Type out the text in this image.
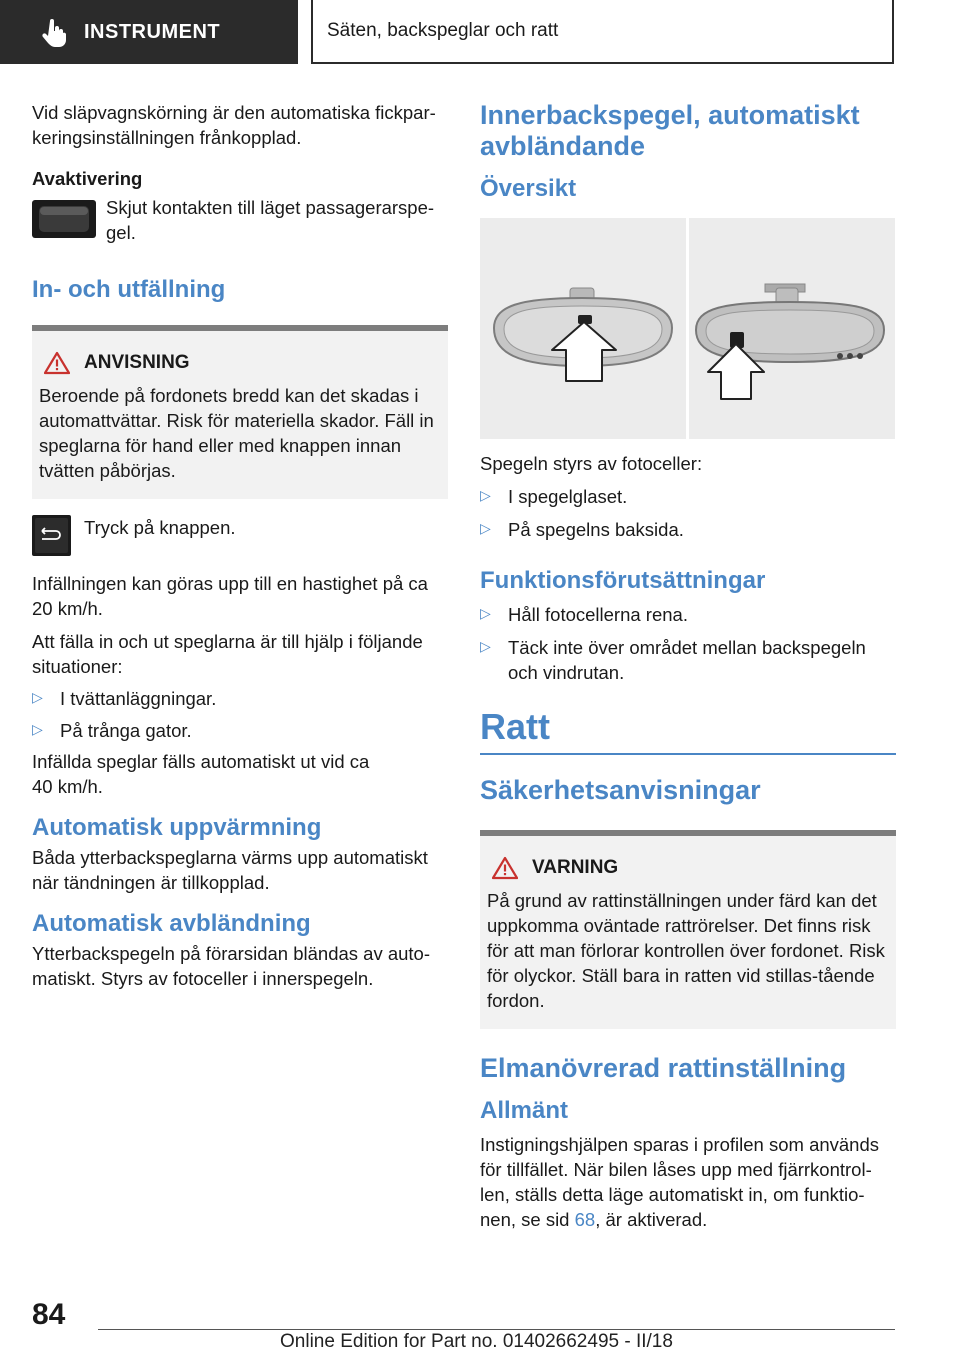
INSTRUMENT	Säten, backspeglar och ratt

Vid släpvagnskörning är den automatiska fickpar-keringsinställningen frånkopplad.

Avaktivering

Skjut kontakten till läget passagerarspe-gel.

In- och utfällning

ANVISNING

Beroende på fordonets bredd kan det skadas i automattvättar. Risk för materiella skador. Fäll in speglarna för hand eller med knappen innan tvätten påbörjas.

Tryck på knappen.

Infällningen kan göras upp till en hastighet på ca 20 km/h.

Att fälla in och ut speglarna är till hjälp i följande situationer:

▷ I tvättanläggningar.

▷ På trånga gator.

Infällda speglar fälls automatiskt ut vid ca 40 km/h.

Automatisk uppvärmning

Båda ytterbackspeglarna värms upp automatiskt när tändningen är tillkopplad.

Automatisk avbländning

Ytterbackspegeln på förarsidan bländas av auto-matiskt. Styrs av fotoceller i innerspegeln.

Innerbackspegel, automatiskt avbländande

Översikt

Spegeln styrs av fotoceller:

▷ I spegelglaset.

▷ På spegelns baksida.

Funktionsförutsättningar

▷ Håll fotocellerna rena.

▷ Täck inte över området mellan backspegeln och vindrutan.

Ratt

Säkerhetsanvisningar

VARNING

På grund av rattinställningen under färd kan det uppkomma oväntade rattrörelser. Det finns risk för att man förlorar kontrollen över fordonet. Risk för olyckor. Ställ bara in ratten vid stillas-tående fordon.

Elmanövrerad rattinställning

Allmänt

Instigningshjälpen sparas i profilen som används för tillfället. När bilen låses upp med fjärrkontrol-len, ställs detta läge automatiskt in, om funktio-nen, se sid 68, är aktiverad.

84
Online Edition for Part no. 01402662495 - II/18
